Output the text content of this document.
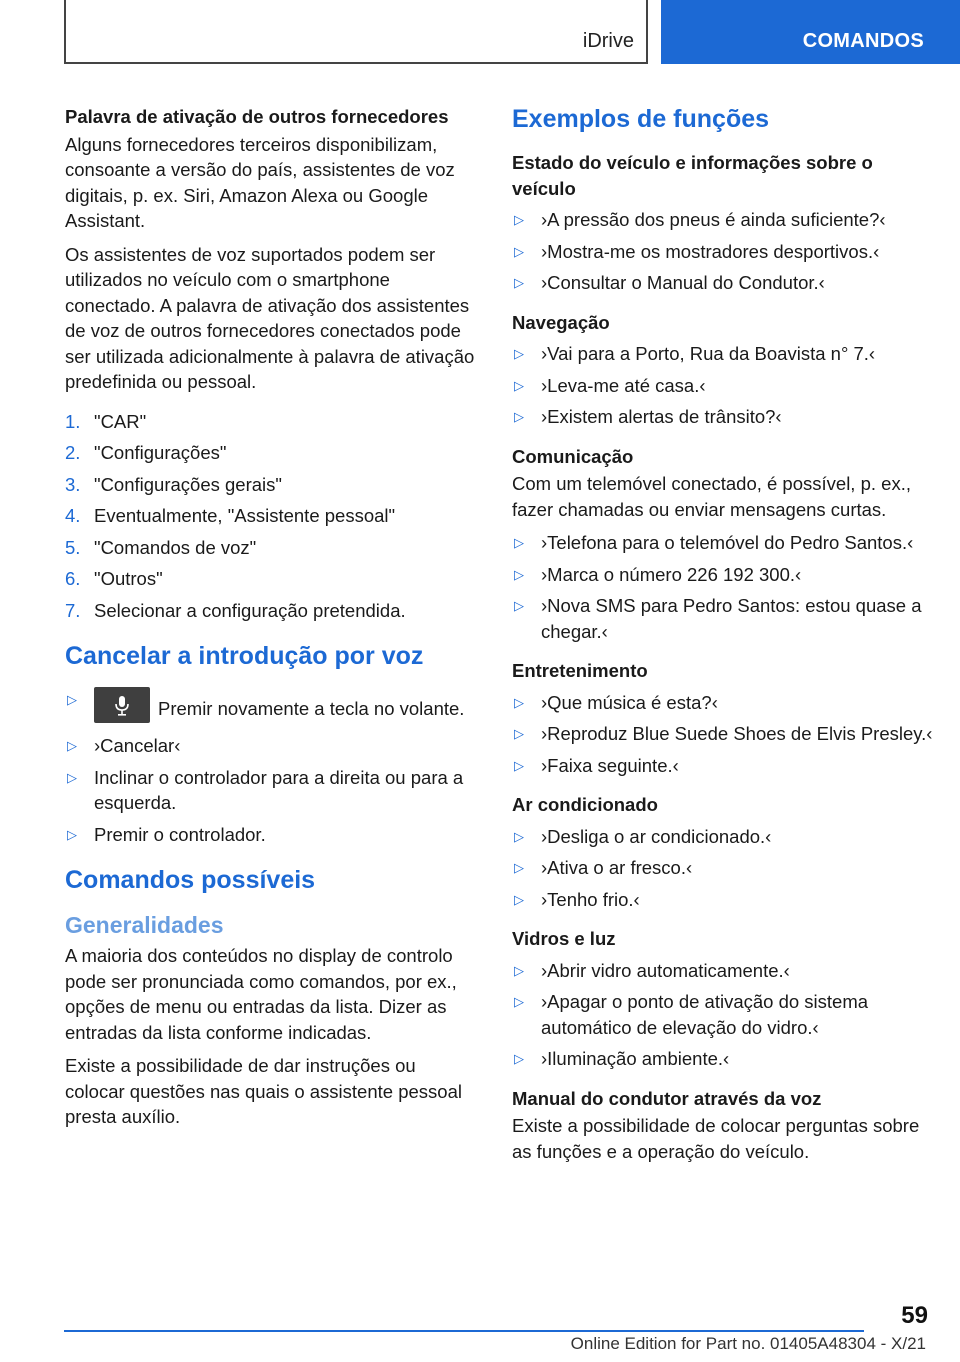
iDrive	COMANDOS

Palavra de ativação de outros fornecedores

Alguns fornecedores terceiros disponibilizam, consoante a versão do país, assistentes de voz digitais, p. ex. Siri, Amazon Alexa ou Google Assistant.

Os assistentes de voz suportados podem ser utilizados no veículo com o smartphone conectado. A palavra de ativação dos assistentes de voz de outros fornecedores conectados pode ser utilizada adicionalmente à palavra de ativação predefinida ou pessoal.

1. "CAR"
2. "Configurações"
3. "Configurações gerais"
4. Eventualmente, "Assistente pessoal"
5. "Comandos de voz"
6. "Outros"
7. Selecionar a configuração pretendida.
Cancelar a introdução por voz
▷	Premir novamente a tecla no volante.
▷ ›Cancelar‹
▷ Inclinar o controlador para a direita ou para a esquerda.
▷ Premir o controlador.
Comandos possíveis
Generalidades

A maioria dos conteúdos no display de controlo pode ser pronunciada como comandos, por ex., opções de menu ou entradas da lista. Dizer as entradas da lista conforme indicadas.

Existe a possibilidade de dar instruções ou colocar questões nas quais o assistente pessoal presta auxílio.

Exemplos de funções

Estado do veículo e informações sobre o veículo

▷ ›A pressão dos pneus é ainda suficiente?‹
▷ ›Mostra-me os mostradores desportivos.‹
▷ ›Consultar o Manual do Condutor.‹

Navegação

▷ ›Vai para a Porto, Rua da Boavista n° 7.‹
▷ ›Leva-me até casa.‹
▷ ›Existem alertas de trânsito?‹

Comunicação

Com um telemóvel conectado, é possível, p. ex., fazer chamadas ou enviar mensagens curtas.

▷ ›Telefona para o telemóvel do Pedro Santos.‹
▷ ›Marca o número 226 192 300.‹
▷ ›Nova SMS para Pedro Santos: estou quase a chegar.‹

Entretenimento

▷ ›Que música é esta?‹
▷ ›Reproduz Blue Suede Shoes de Elvis Presley.‹
▷ ›Faixa seguinte.‹

Ar condicionado

▷ ›Desliga o ar condicionado.‹
▷ ›Ativa o ar fresco.‹
▷ ›Tenho frio.‹

Vidros e luz

▷ ›Abrir vidro automaticamente.‹
▷ ›Apagar o ponto de ativação do sistema automático de elevação do vidro.‹
▷ ›Iluminação ambiente.‹

Manual do condutor através da voz

Existe a possibilidade de colocar perguntas sobre as funções e a operação do veículo.

59
Online Edition for Part no. 01405A48304 - X/21
